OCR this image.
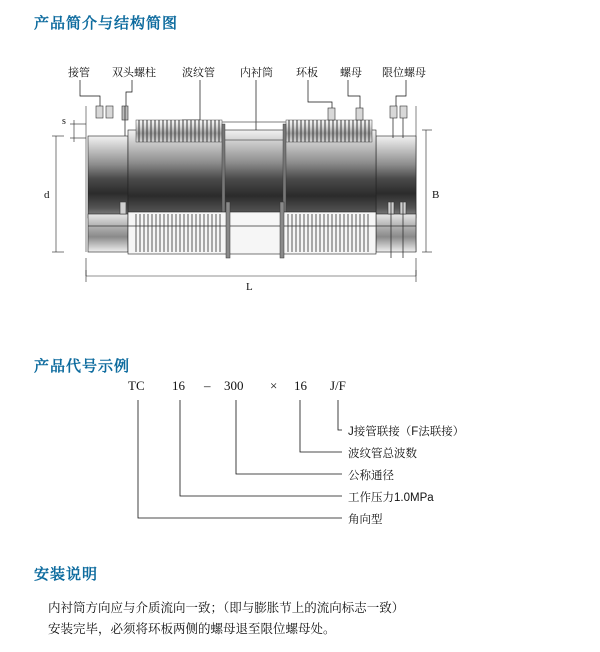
产品简介与结构简图
产品代号示例
安装说明
接管 双头螺柱 波纹管 内衬筒 环板 螺母 限位螺母
s
d	B
L
TC 16 – 300 × 16 J/F
J接管联接（F法联接）
波纹管总波数
公称通径
工作压力1.0MPa
角向型
内衬筒方向应与介质流向一致；（即与膨胀节上的流向标志一致）
安装完毕，必须将环板两侧的螺母退至限位螺母处。
